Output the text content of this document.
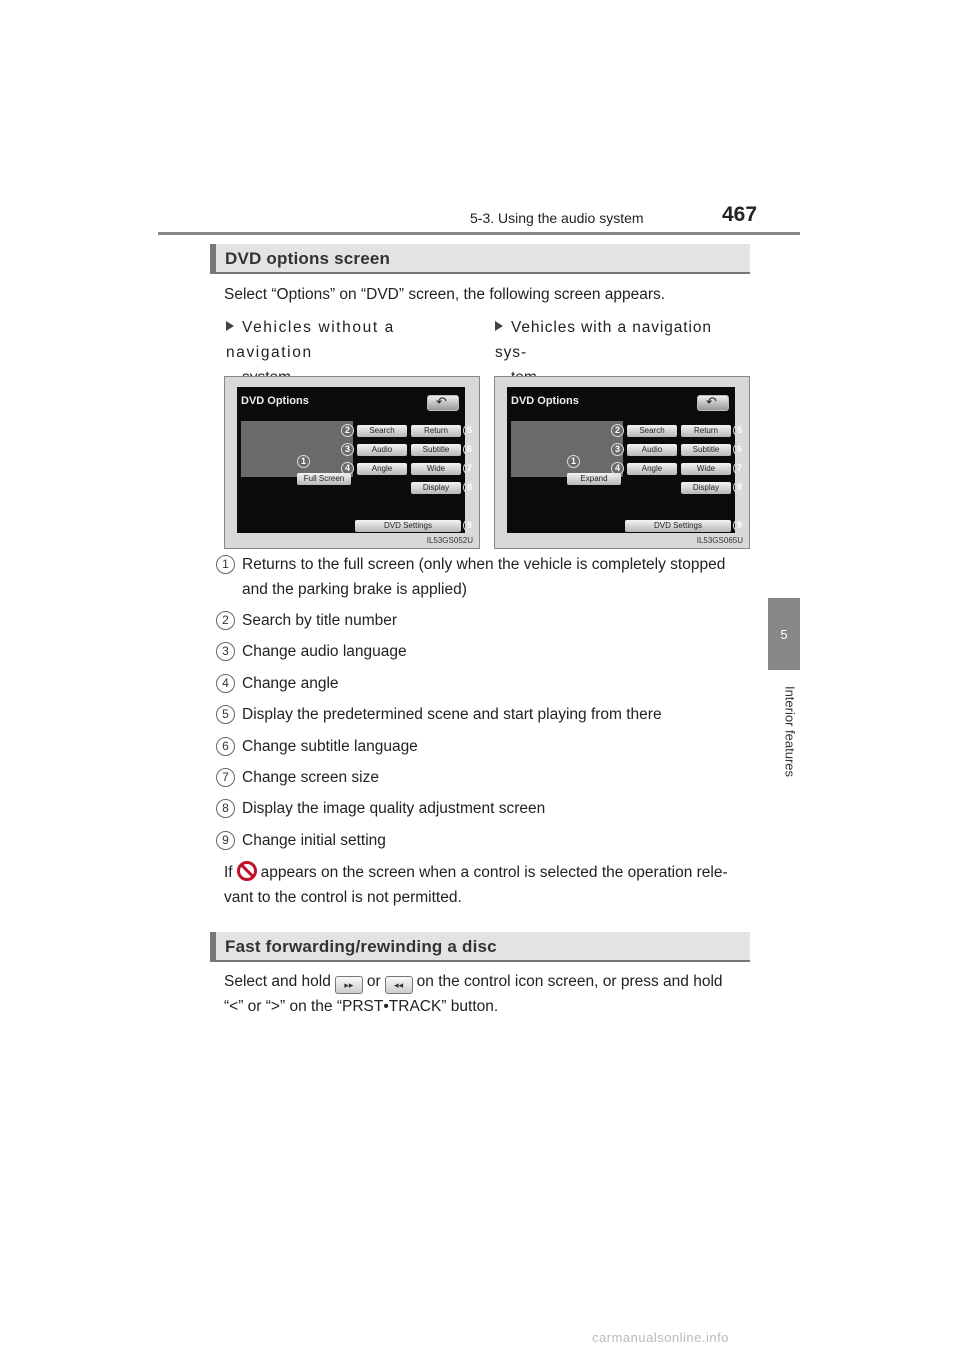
5-3. Using the audio system	467
5
Interior features
DVD options screen
Select “Options” on “DVD” screen, the following screen appears.
Vehicles without a navigation
Vehicles with a navigation sys-
DVD Options
↶
Search	Return
Audio	Subtitle
Angle	Wide
Display
DVD Settings
Full Screen
1
2
3
4
5
6
7
8
9
IL53GS052U
DVD Options
↶
Search	Return
Audio	Subtitle
Angle	Wide
Display
DVD Settings
Expand
1
2
3
4
5
6
7
8
9
IL53GS065U
1 Returns to the full screen (only when the vehicle is completely stopped
and the parking brake is applied)
2 Search by title number
3 Change audio language
4 Change angle
5 Display the predetermined scene and start playing from there
6 Change subtitle language
7 Change screen size
8 Display the image quality adjustment screen
9 Change initial setting
If appears on the screen when a control is selected the operation rele-
vant to the control is not permitted.
Fast forwarding/rewinding a disc
Select and hold ▸▸ or ◂◂ on the control icon screen, or press and hold
“<” or “>” on the “PRST•TRACK” button.
carmanualsonline.info
